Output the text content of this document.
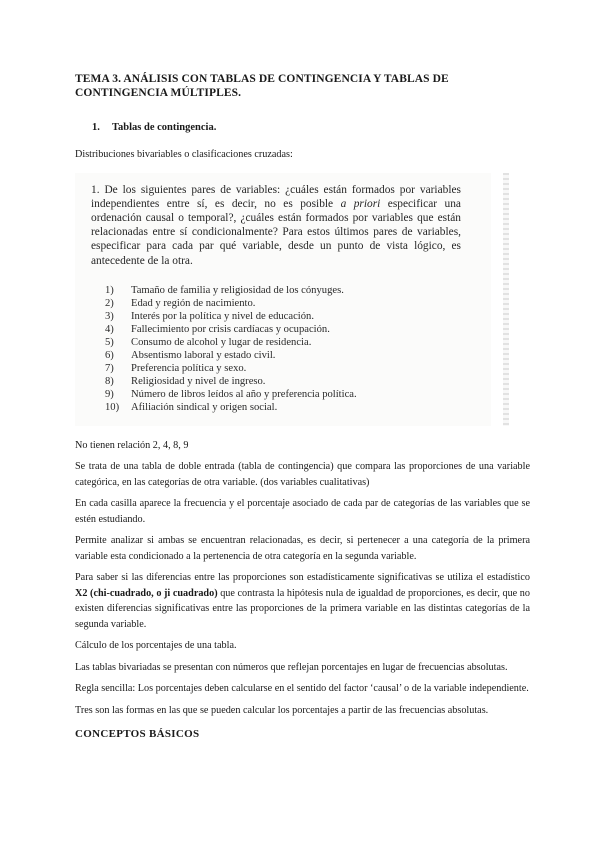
TEMA 3. ANÁLISIS CON TABLAS DE CONTINGENCIA Y TABLAS DE CONTINGENCIA MÚLTIPLES.

1. Tablas de contingencia.

Distribuciones bivariables o clasificaciones cruzadas:

1. De los siguientes pares de variables: ¿cuáles están formados por variables independientes entre sí, es decir, no es posible a priori especificar una ordenación causal o temporal?, ¿cuáles están formados por variables que están relacionadas entre sí condicionalmente? Para estos últimos pares de variables, especificar para cada par qué variable, desde un punto de vista lógico, es antecedente de la otra.

1)	Tamaño de familia y religiosidad de los cónyuges.
2)	Edad y región de nacimiento.
3)	Interés por la política y nivel de educación.
4)	Fallecimiento por crisis cardíacas y ocupación.
5)	Consumo de alcohol y lugar de residencia.
6)	Absentismo laboral y estado civil.
7)	Preferencia política y sexo.
8)	Religiosidad y nivel de ingreso.
9)	Número de libros leídos al año y preferencia política.
10)	Afiliación sindical y origen social.

No tienen relación 2, 4, 8, 9

Se trata de una tabla de doble entrada (tabla de contingencia) que compara las proporciones de una variable categórica, en las categorías de otra variable. (dos variables cualitativas)

En cada casilla aparece la frecuencia y el porcentaje asociado de cada par de categorías de las variables que se estén estudiando.

Permite analizar si ambas se encuentran relacionadas, es decir, si pertenecer a una categoría de la primera variable esta condicionado a la pertenencia de otra categoría en la segunda variable.

Para saber si las diferencias entre las proporciones son estadísticamente significativas se utiliza el estadístico X2 (chi-cuadrado, o ji cuadrado) que contrasta la hipótesis nula de igualdad de proporciones, es decir, que no existen diferencias significativas entre las proporciones de la primera variable en las distintas categorías de la segunda variable.

Cálculo de los porcentajes de una tabla.

Las tablas bivariadas se presentan con números que reflejan porcentajes en lugar de frecuencias absolutas.

Regla sencilla: Los porcentajes deben calcularse en el sentido del factor ‘causal’ o de la variable independiente.

Tres son las formas en las que se pueden calcular los porcentajes a partir de las frecuencias absolutas.

CONCEPTOS BÁSICOS
